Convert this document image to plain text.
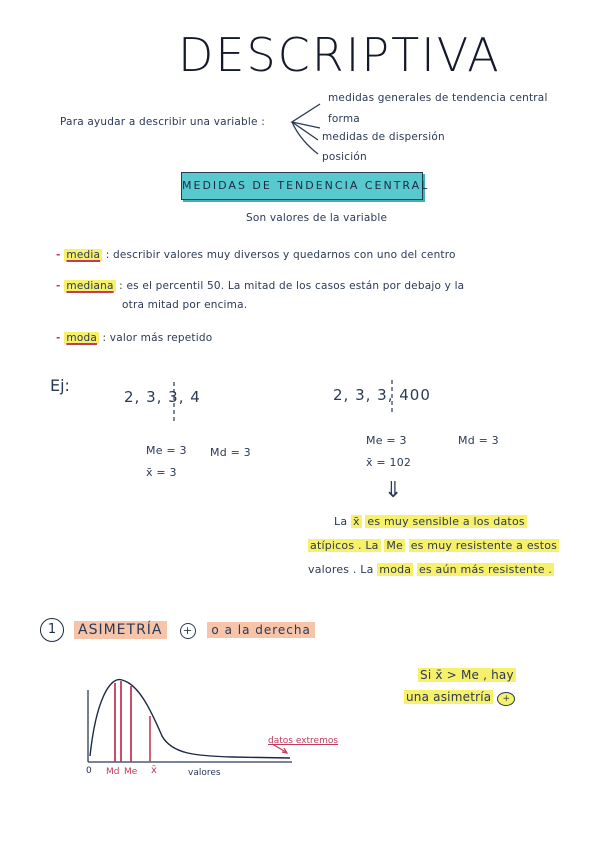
DESCRIPTIVA
Para ayudar a describir una variable :
medidas generales de tendencia central
forma
medidas de dispersión
posición
MEDIDAS DE TENDENCIA CENTRAL
Son valores de la variable
- media : describir valores muy diversos y quedarnos con uno del centro
- mediana : es el percentil 50. La mitad de los casos están por debajo y la
otra mitad por encima.
- moda : valor más repetido
Ej:
2, 3, 3, 4	2, 3, 3, 400
Me = 3 Md = 3
x̄ = 3
Me = 3	Md = 3
x̄ = 102
⇓
La x̄ es muy sensible a los datos
atípicos . La Me es muy resistente a estos
valores . La moda es aún más resistente .
1	ASIMETRÍA + o a la derecha
Si x̄ > Me , hay
una asimetría +
0 Md Me x̄	valores
datos extremos
